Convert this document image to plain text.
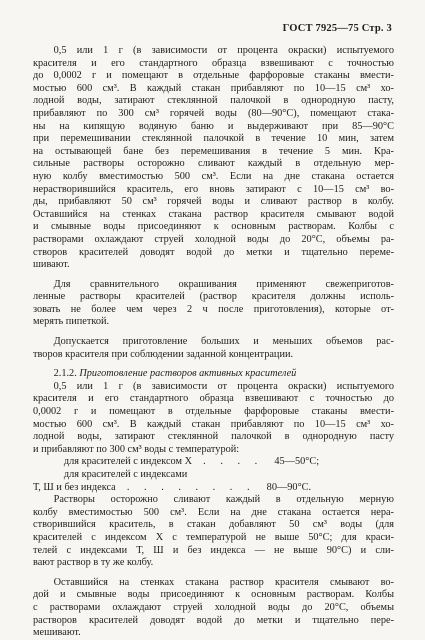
ГОСТ 7925—75 Стр. 3
  0,5 или 1 г (в зависимости от процента окраски) испытуемого
красителя и его стандартного образца взвешивают с точностью
до 0,0002 г и помещают в отдельные фарфоровые стаканы вмести-
мостью 600 см³. В каждый стакан прибавляют по 10—15 см³ хо-
лодной воды, затирают стеклянной палочкой в однородную пасту,
прибавляют по 300 см³ горячей воды (80—90°С), помещают стака-
ны на кипящую водяную баню и выдерживают при 85—90°С
при перемешивании стеклянной палочкой в течение 10 мин, затем
на остывающей бане без перемешивания в течение 5 мин. Кра-
сильные растворы осторожно сливают каждый в отдельную мер-
ную колбу вместимостью 500 см³. Если на дне стакана остается
нерастворившийся краситель, его вновь затирают с 10—15 см³ во-
ды, прибавляют 50 см³ горячей воды и сливают раствор в колбу.
Оставшийся на стенках стакана раствор красителя смывают водой
и смывные воды присоединяют к основным растворам. Колбы с
растворами охлаждают струей холодной воды до 20°С, объемы ра-
створов красителей доводят водой до метки и тщательно переме-
шивают.
  Для сравнительного окрашивания применяют свежеприготов-
ленные растворы красителей (раствор красителя должны исполь-
зовать не более чем через 2 ч после приготовления), которые от-
мерять пипеткой.
  Допускается приготовление больших и меньших объемов рас-
творов красителя при соблюдении заданной концентрации.
  2.1.2. Приготовление растворов активных красителей
  0,5 или 1 г (в зависимости от процента окраски) испытуемого
красителя и его стандартного образца взвешивают с точностью до
0,0002 г и помещают в отдельные фарфоровые стаканы вмести-
мостью 600 см³. В каждый стакан прибавляют по 10—15 см³ хо-
лодной воды, затирают стеклянной палочкой в однородную пасту
и прибавляют по 300 см³ воды с температурой:
   для красителей с индексом X . . . . 45—50°С;
   для красителей с индексами
Т, Ш и без индекса . . . . . . . . 80—90°С.
  Растворы осторожно сливают каждый в отдельную мерную
колбу вместимостью 500 см³. Если на дне стакана остается нера-
створившийся краситель, в стакан добавляют 50 см³ воды (для
красителей с индексом X с температурой не выше 50°С; для краси-
телей с индексами Т, Ш и без индекса — не выше 90°С) и сли-
вают раствор в ту же колбу.
  Оставшийся на стенках стакана раствор красителя смывают во-
дой и смывные воды присоединяют к основным растворам. Колбы
с растворами охлаждают струей холодной воды до 20°С, объемы
растворов красителей доводят водой до метки и тщательно пере-
мешивают.
